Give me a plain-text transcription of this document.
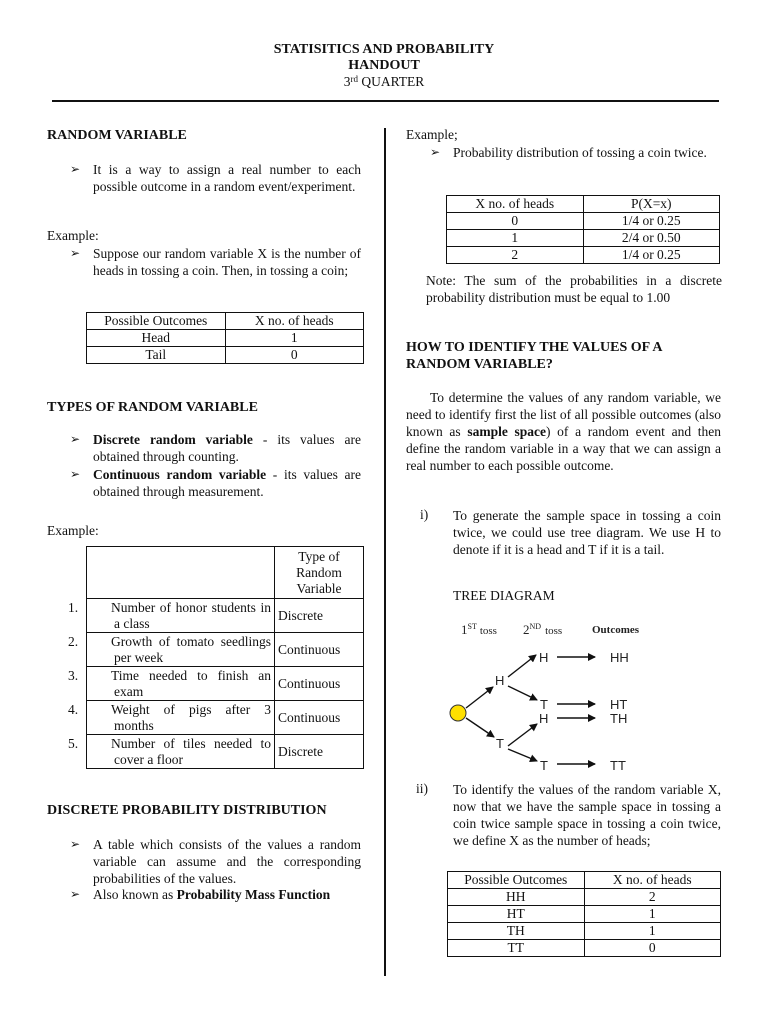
STATISITICS AND PROBABILITY
HANDOUT
3rd QUARTER
RANDOM VARIABLE
➢ It is a way to assign a real number to each possible outcome in a random event/experiment.
Example:
➢ Suppose our random variable X is the number of heads in tossing a coin. Then, in tossing a coin;
Possible Outcomes	X no. of heads
Head	1
Tail	0
TYPES OF RANDOM VARIABLE
➢ Discrete random variable - its values are obtained through counting.
➢ Continuous random variable - its values are obtained through measurement.
Example:
	Type of Random Variable

1. Number of honor students in a class	Discrete

2. Growth of tomato seedlings per week	Continuous

3. Time needed to finish an exam	Continuous

4. Weight of pigs after 3 months	Continuous

5. Number of tiles needed to cover a floor	Discrete
DISCRETE PROBABILITY DISTRIBUTION
➢ A table which consists of the values a random variable can assume and the corresponding probabilities of the values.
➢ Also known as Probability Mass Function
Example;
➢ Probability distribution of tossing a coin twice.
X no. of heads	P(X=x)
0	1/4 or 0.25
1	2/4 or 0.50
2	1/4 or 0.25
Note: The sum of the probabilities in a discrete probability distribution must be equal to 1.00
HOW TO IDENTIFY THE VALUES OF A RANDOM VARIABLE?
To determine the values of any random variable, we need to identify first the list of all possible outcomes (also known as sample space) of a random event and then define the random variable in a way that we can assign a real number to each possible outcome.
i) To generate the sample space in tossing a coin twice, we could use tree diagram. We use H to denote if it is a head and T if it is a tail.
TREE DIAGRAM
1ST $_{toss}$ 2ND $_{toss}$	Outcomes
H
T
H
T
H
T
HH
HT
TH
TT
ii) To identify the values of the random variable X, now that we have the sample space in tossing a coin twice sample space in tossing a coin twice, we define X as the number of heads;
Possible Outcomes	X no. of heads
HH	2
HT	1
TH	1
TT	0
